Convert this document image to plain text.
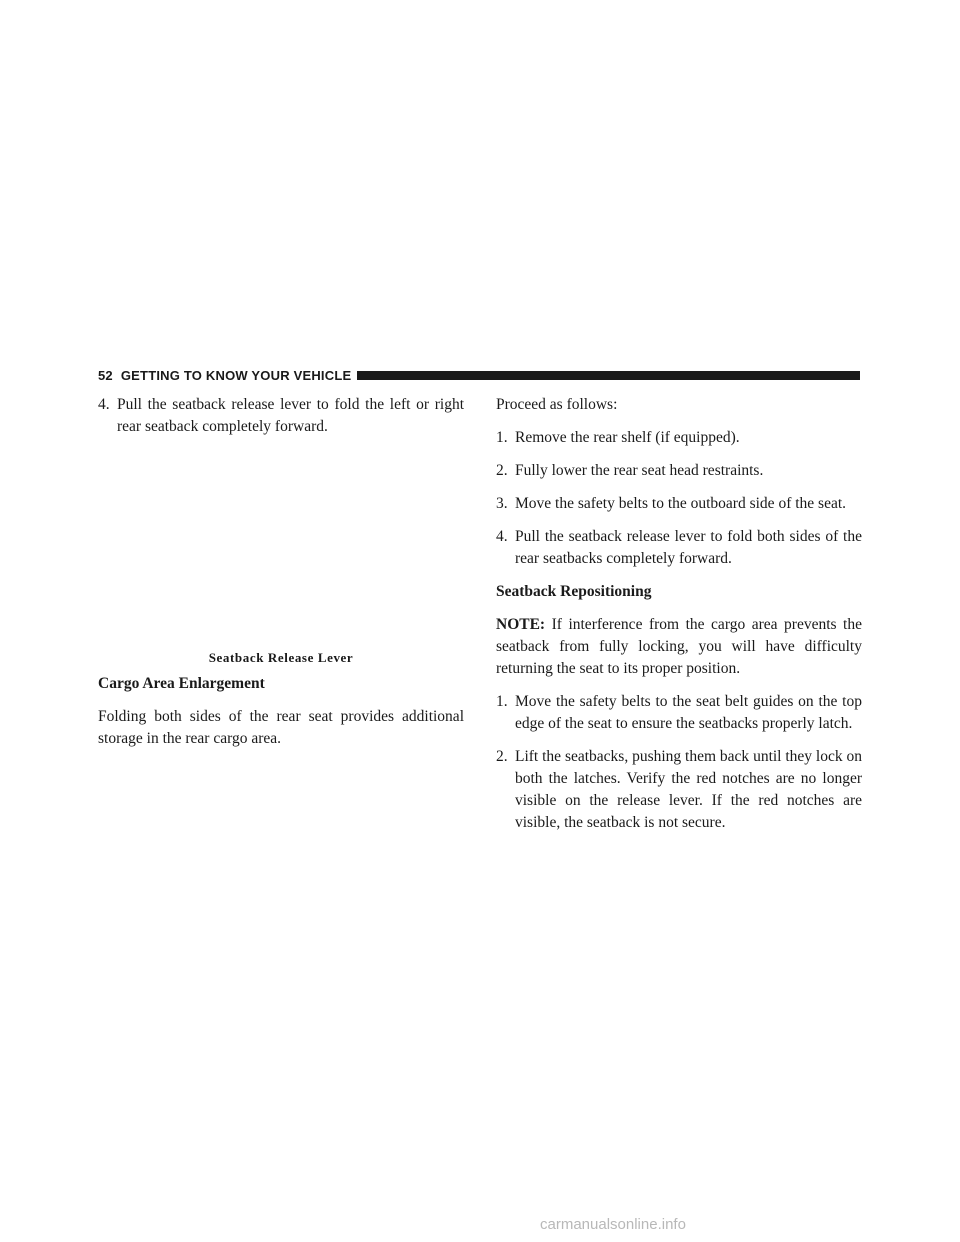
52 GETTING TO KNOW YOUR VEHICLE

4. Pull the seatback release lever to fold the left or right rear seatback completely forward.

Seatback Release Lever

Cargo Area Enlargement

Folding both sides of the rear seat provides additional storage in the rear cargo area.

Proceed as follows:

1. Remove the rear shelf (if equipped).

2. Fully lower the rear seat head restraints.

3. Move the safety belts to the outboard side of the seat.

4. Pull the seatback release lever to fold both sides of the rear seatbacks completely forward.

Seatback Repositioning

NOTE: If interference from the cargo area prevents the seatback from fully locking, you will have difficulty returning the seat to its proper position.

1. Move the safety belts to the seat belt guides on the top edge of the seat to ensure the seatbacks properly latch.

2. Lift the seatbacks, pushing them back until they lock on both the latches. Verify the red notches are no longer visible on the release lever. If the red notches are visible, the seatback is not secure.

carmanualsonline.info
